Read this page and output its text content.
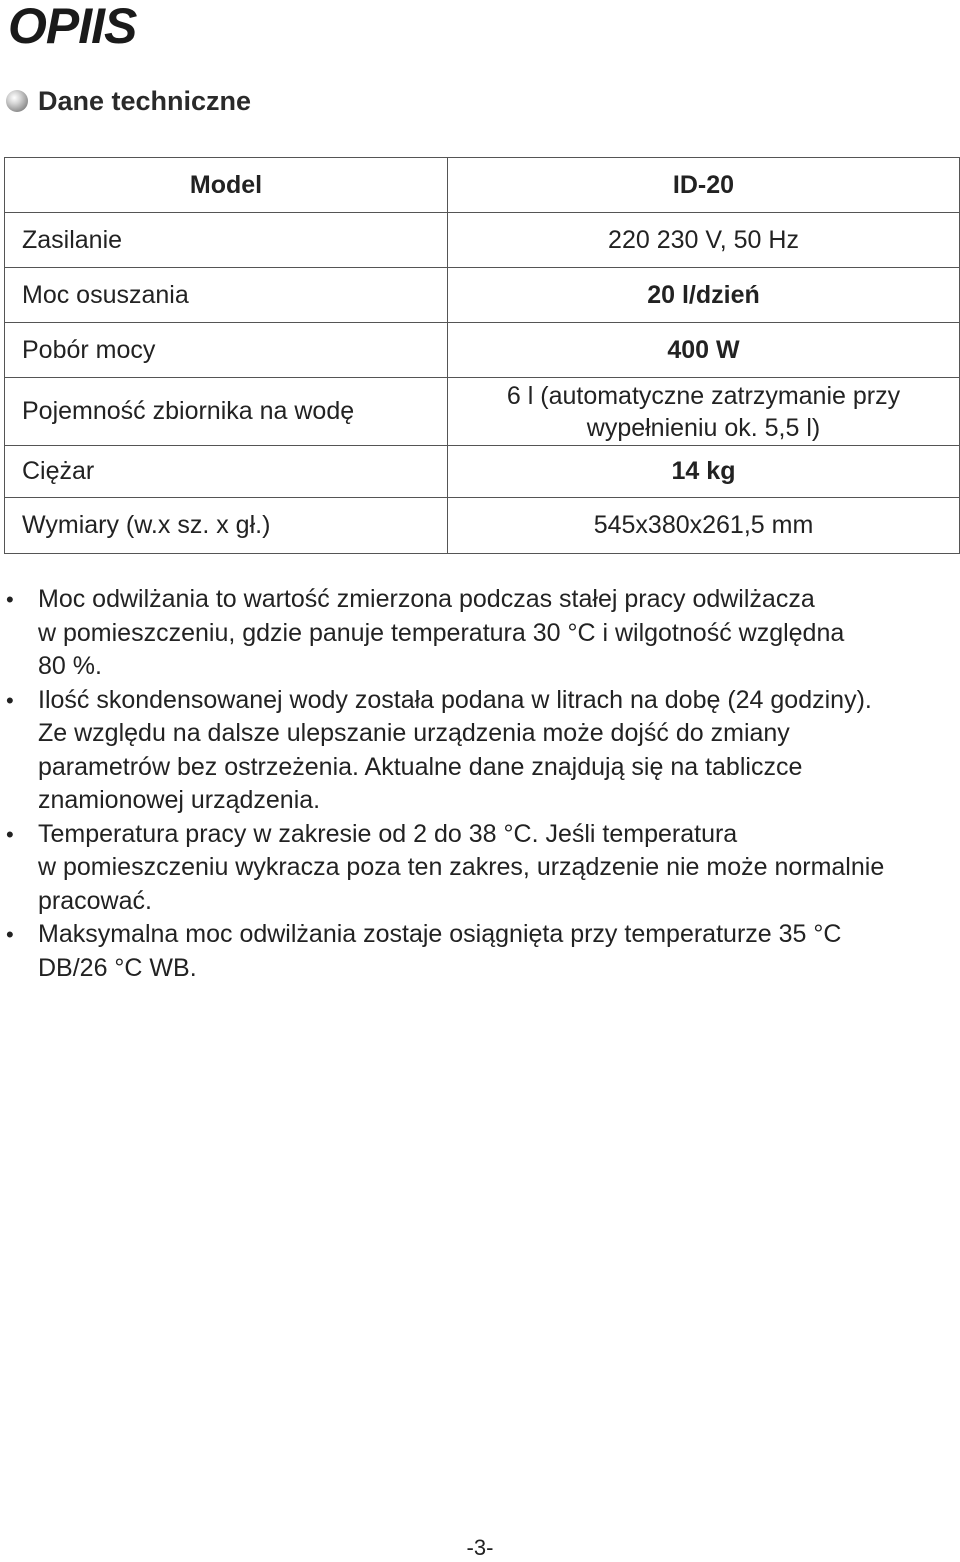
OPIIS
Dane techniczne
Model	ID-20
Zasilanie	220 230 V, 50 Hz
Moc osuszania	20 l/dzień
Pobór mocy	400 W
Pojemność zbiornika na wodę	6 l (automatyczne zatrzymanie przy
wypełnieniu ok. 5,5 l)

Ciężar	14 kg
Wymiary (w.x sz. x gł.)	545x380x261,5 mm
• Moc odwilżania to wartość zmierzona podczas stałej pracy odwilżacza
w pomieszczeniu, gdzie panuje temperatura 30 °C i wilgotność względna
80 %.
• Ilość skondensowanej wody została podana w litrach na dobę (24 godziny).
Ze względu na dalsze ulepszanie urządzenia może dojść do zmiany
parametrów bez ostrzeżenia. Aktualne dane znajdują się na tabliczce
znamionowej urządzenia.
• Temperatura pracy w zakresie od 2 do 38 °C. Jeśli temperatura
w pomieszczeniu wykracza poza ten zakres, urządzenie nie może normalnie
pracować.
• Maksymalna moc odwilżania zostaje osiągnięta przy temperaturze 35 °C
DB/26 °C WB.
-3-
